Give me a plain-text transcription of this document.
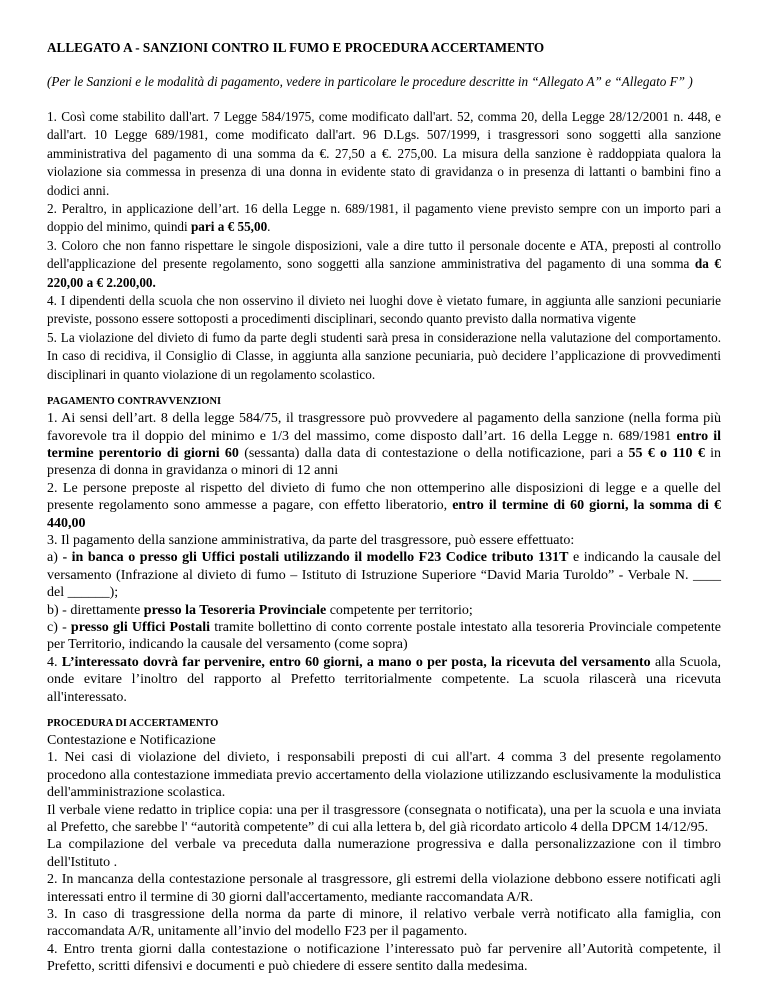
ALLEGATO A - SANZIONI CONTRO IL FUMO E PROCEDURA ACCERTAMENTO
(Per le Sanzioni e le modalità di pagamento, vedere in particolare le procedure descritte in “Allegato A” e “Allegato F” )

1. Così come stabilito dall'art. 7 Legge 584/1975, come modificato dall'art. 52, comma 20, della Legge 28/12/2001 n. 448, e dall'art. 10 Legge 689/1981, come modificato dall'art. 96 D.Lgs. 507/1999, i trasgressori sono soggetti alla sanzione amministrativa del pagamento di una somma da €. 27,50 a €. 275,00. La misura della sanzione è raddoppiata qualora la violazione sia commessa in presenza di una donna in evidente stato di gravidanza o in presenza di lattanti o bambini fino a dodici anni.

2. Peraltro, in applicazione dell’art. 16 della Legge n. 689/1981, il pagamento viene previsto sempre con un importo pari a doppio del minimo, quindi pari a € 55,00.

3. Coloro che non fanno rispettare le singole disposizioni, vale a dire tutto il personale docente e ATA, preposti al controllo dell'applicazione del presente regolamento, sono soggetti alla sanzione amministrativa del pagamento di una somma da € 220,00 a € 2.200,00.

4. I dipendenti della scuola che non osservino il divieto nei luoghi dove è vietato fumare, in aggiunta alle sanzioni pecuniarie previste, possono essere sottoposti a procedimenti disciplinari, secondo quanto previsto dalla normativa vigente

5. La violazione del divieto di fumo da parte degli studenti sarà presa in considerazione nella valutazione del comportamento. In caso di recidiva, il Consiglio di Classe, in aggiunta alla sanzione pecuniaria, può decidere l’applicazione di provvedimenti disciplinari in quanto violazione di un regolamento scolastico.

PAGAMENTO CONTRAVVENZIONI

1. Ai sensi dell’art. 8 della legge 584/75, il trasgressore può provvedere al pagamento della sanzione (nella forma più favorevole tra il doppio del minimo e 1/3 del massimo, come disposto dall’art. 16 della Legge n. 689/1981 entro il termine perentorio di giorni 60 (sessanta) dalla data di contestazione o della notificazione, pari a 55 € o 110 € in presenza di donna in gravidanza o minori di 12 anni

2. Le persone preposte al rispetto del divieto di fumo che non ottemperino alle disposizioni di legge e a quelle del presente regolamento sono ammesse a pagare, con effetto liberatorio, entro il termine di 60 giorni, la somma di € 440,00

3. Il pagamento della sanzione amministrativa, da parte del trasgressore, può essere effettuato:

a) - in banca o presso gli Uffici postali utilizzando il modello F23 Codice tributo 131T e indicando la causale del versamento (Infrazione al divieto di fumo – Istituto di Istruzione Superiore “David Maria Turoldo” - Verbale N. ____ del ______);

b) - direttamente presso la Tesoreria Provinciale competente per territorio;

c) - presso gli Uffici Postali tramite bollettino di conto corrente postale intestato alla tesoreria Provinciale competente per Territorio, indicando la causale del versamento (come sopra)

4. L’interessato dovrà far pervenire, entro 60 giorni, a mano o per posta, la ricevuta del versamento alla Scuola, onde evitare l’inoltro del rapporto al Prefetto territorialmente competente. La scuola rilascerà una ricevuta all'interessato.

PROCEDURA DI ACCERTAMENTO

Contestazione e Notificazione

1. Nei casi di violazione del divieto, i responsabili preposti di cui all'art. 4 comma 3 del presente regolamento procedono alla contestazione immediata previo accertamento della violazione utilizzando esclusivamente la modulistica dell'amministrazione scolastica.

Il verbale viene redatto in triplice copia: una per il trasgressore (consegnata o notificata), una per la scuola e una inviata al Prefetto, che sarebbe l' “autorità competente” di cui alla lettera b, del già ricordato articolo 4 della DPCM 14/12/95.

La compilazione del verbale va preceduta dalla numerazione progressiva e dalla personalizzazione con il timbro dell'Istituto .

2. In mancanza della contestazione personale al trasgressore, gli estremi della violazione debbono essere notificati agli interessati entro il termine di 30 giorni dall'accertamento, mediante raccomandata A/R.

3. In caso di trasgressione della norma da parte di minore, il relativo verbale verrà notificato alla famiglia, con raccomandata A/R, unitamente all’invio del modello F23 per il pagamento.

4. Entro trenta giorni dalla contestazione o notificazione l’interessato può far pervenire all’Autorità competente, il Prefetto, scritti difensivi e documenti e può chiedere di essere sentito dalla medesima.
